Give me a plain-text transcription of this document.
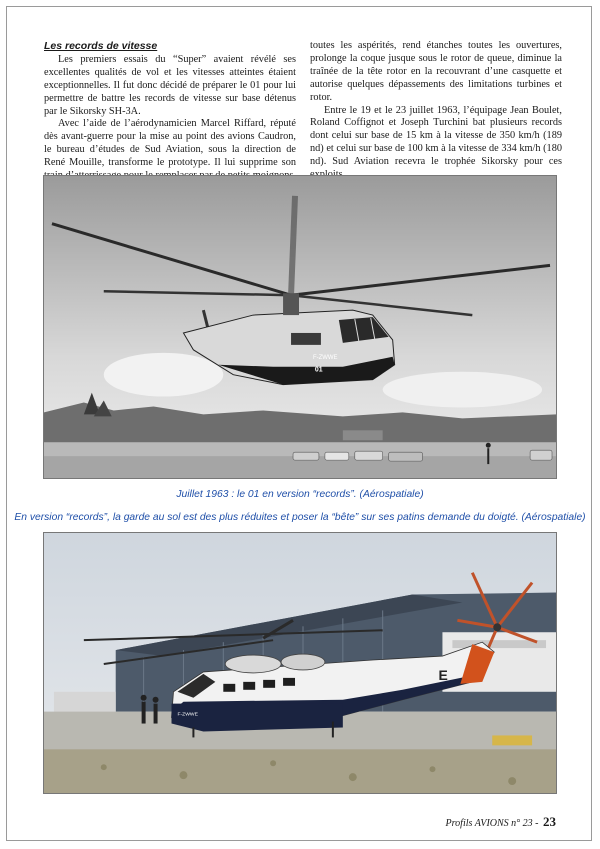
Les records de vitesse

Les premiers essais du “Super” avaient révélé ses excellentes qualités de vol et les vitesses atteintes étaient exceptionnelles. Il fut donc décidé de préparer le 01 pour lui permettre de battre les records de vitesse sur base détenus par le Sikorsky SH-3A.

Avec l’aide de l’aérodynamicien Marcel Riffard, réputé dès avant-guerre pour la mise au point des avions Caudron, le bureau d’études de Sud Aviation, sous la direction de René Mouille, transforme le prototype. Il lui supprime son

toutes les aspérités, rend étanches toutes les ouvertures, prolonge la coque jusque sous le rotor de queue, diminue la traînée de la tête rotor en la recouvrant d’une casquette et autorise quelques dépassements des limitations turbines et rotor.

Entre le 19 et le 23 juillet 1963, l’équipage Jean Boulet, Roland Coffignot et Joseph Turchini bat plusieurs records dont celui sur base de 15 km à la vitesse de 350 km/h (189 nd) et celui sur base de 100 km à la vitesse de 334 km/h (180 nd). Sud Aviation recevra le trophée Sikorsky pour ces

F-ZWWE
01
Juillet 1963 : le 01 en version “records”. (Aérospatiale)
En version “records”, la garde au sol est des plus réduites et poser la “bête” sur ses patins demande du doigté. (Aérospatiale)
E
F-ZWWE
Profils AVIONS n° 23 - 23
